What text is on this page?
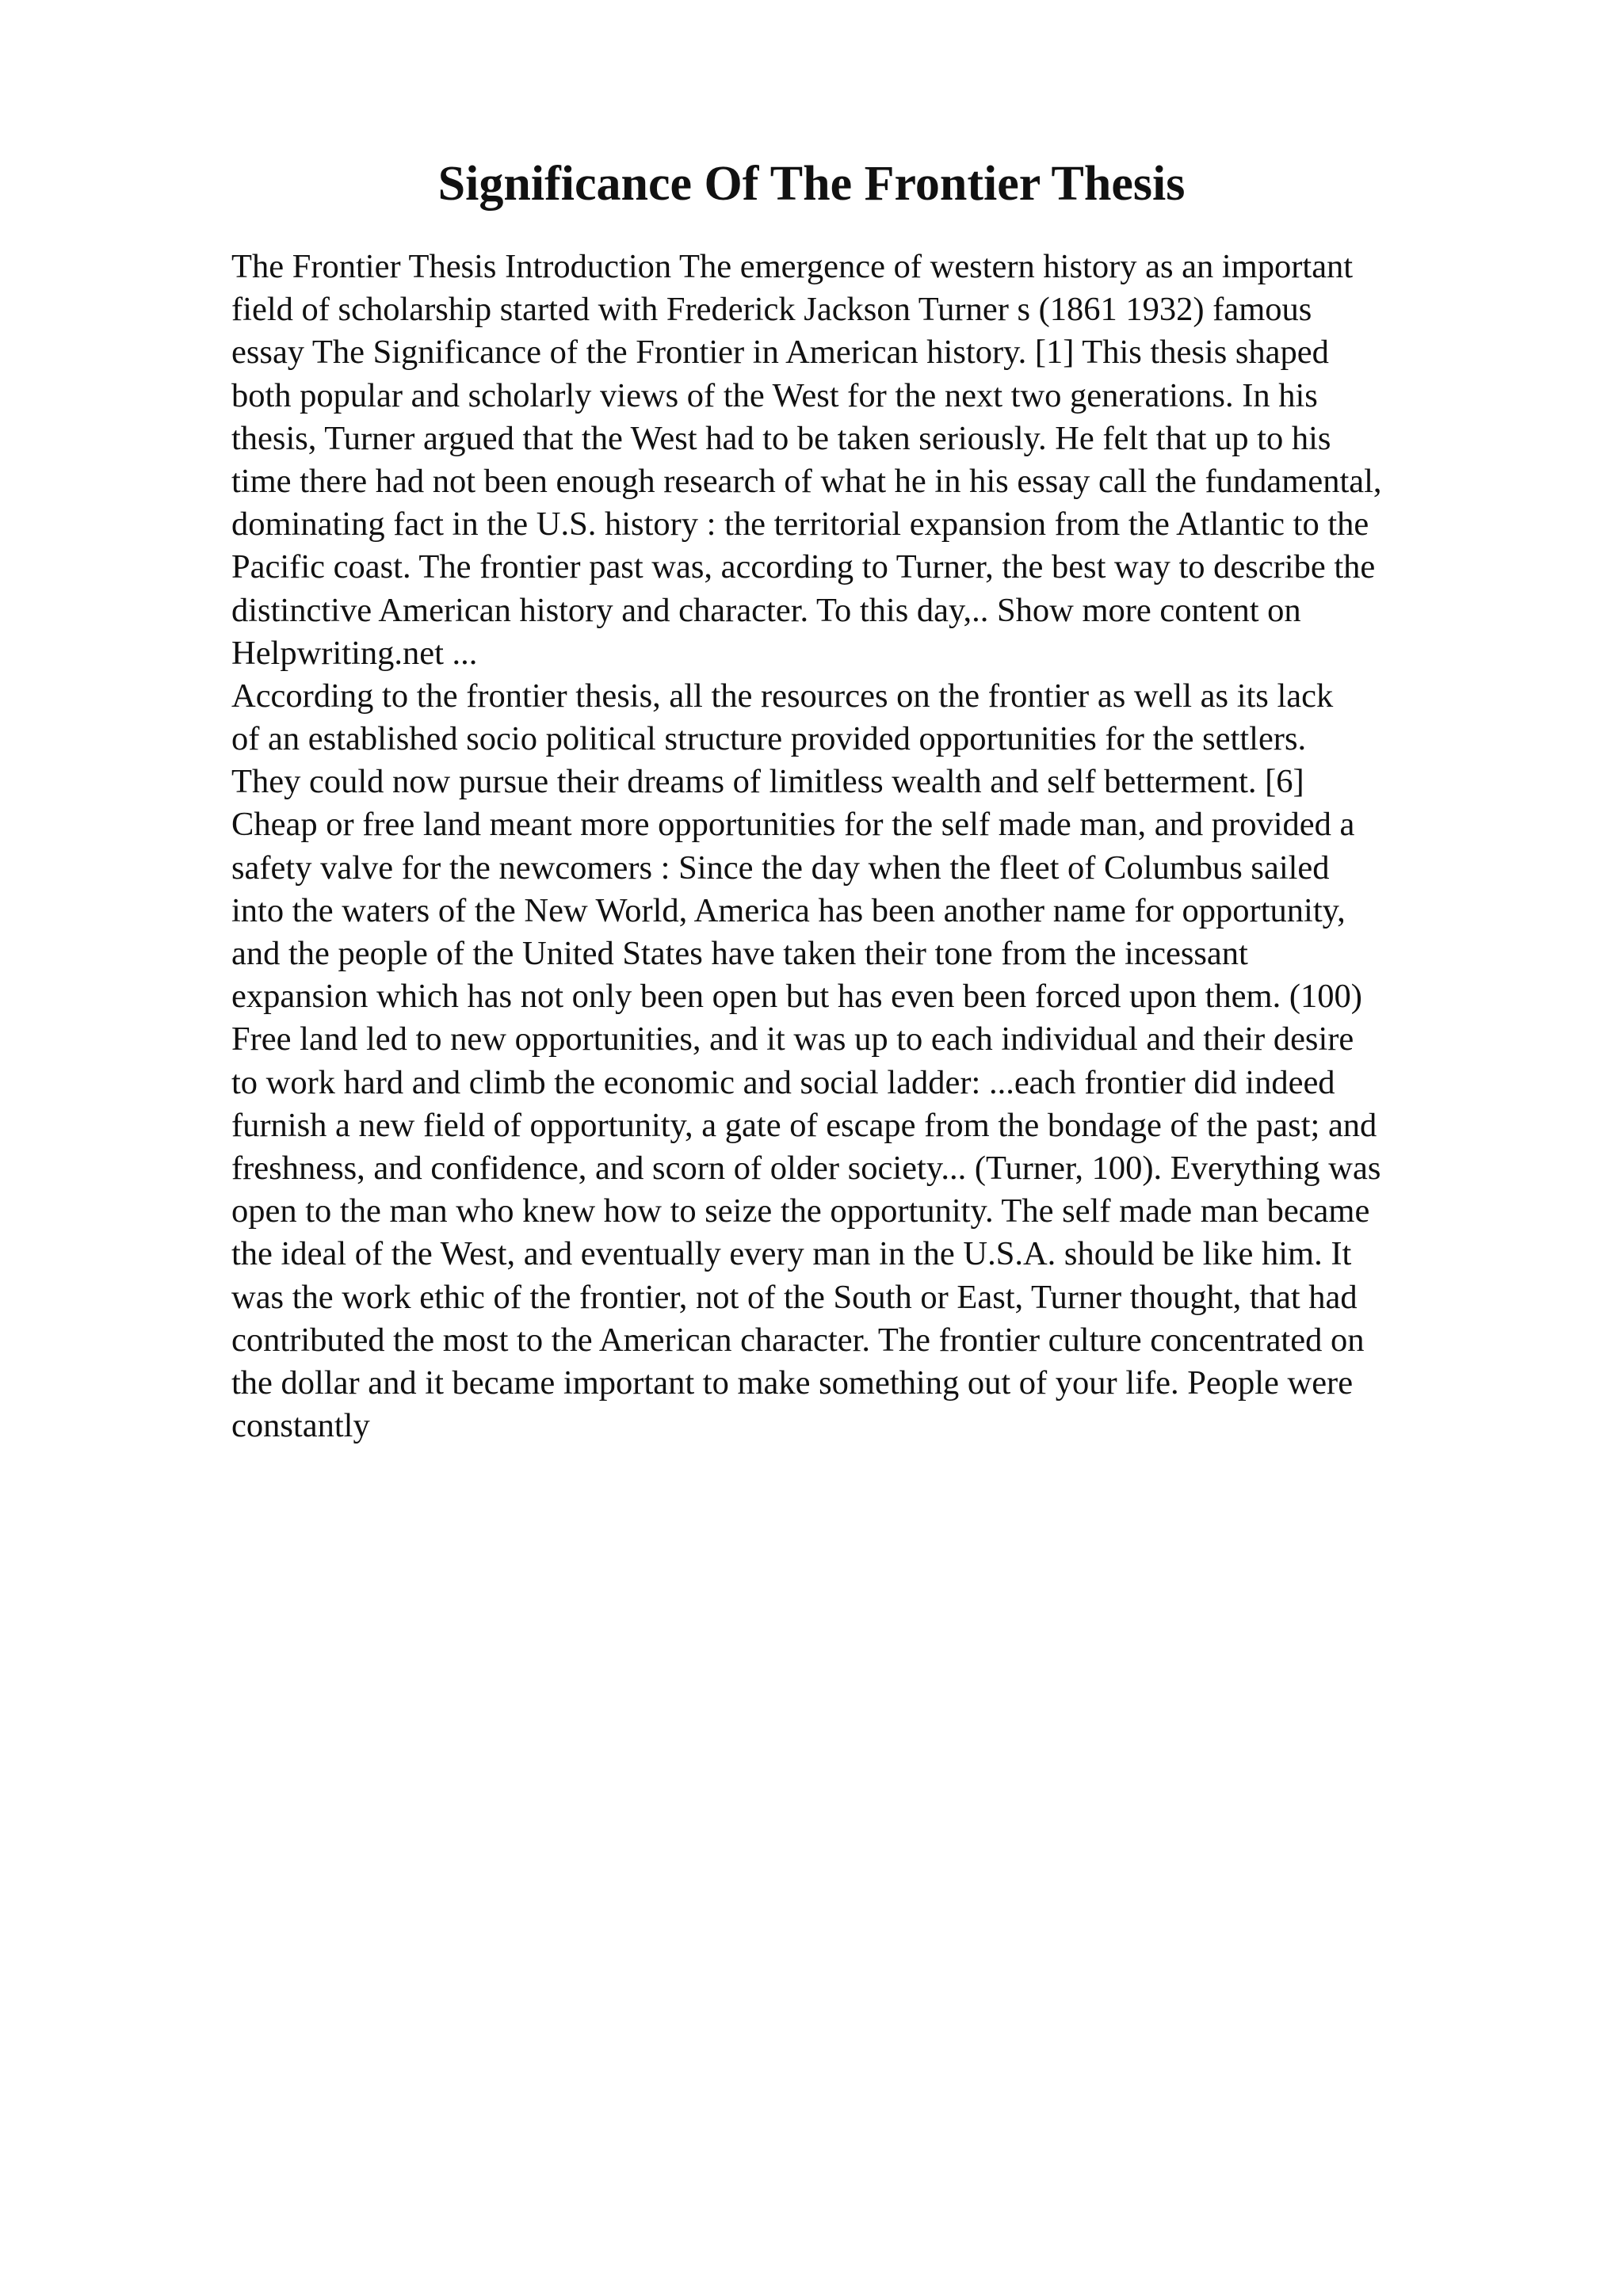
Significance Of The Frontier Thesis
The Frontier Thesis Introduction The emergence of western history as an important
field of scholarship started with Frederick Jackson Turner s (1861 1932) famous
essay The Significance of the Frontier in American history. [1] This thesis shaped
both popular and scholarly views of the West for the next two generations. In his
thesis, Turner argued that the West had to be taken seriously. He felt that up to his
time there had not been enough research of what he in his essay call the fundamental,
dominating fact in the U.S. history : the territorial expansion from the Atlantic to the
Pacific coast. The frontier past was, according to Turner, the best way to describe the
distinctive American history and character. To this day,.. Show more content on
Helpwriting.net ...
According to the frontier thesis, all the resources on the frontier as well as its lack
of an established socio political structure provided opportunities for the settlers.
They could now pursue their dreams of limitless wealth and self betterment. [6]
Cheap or free land meant more opportunities for the self made man, and provided a
safety valve for the newcomers : Since the day when the fleet of Columbus sailed
into the waters of the New World, America has been another name for opportunity,
and the people of the United States have taken their tone from the incessant
expansion which has not only been open but has even been forced upon them. (100)
Free land led to new opportunities, and it was up to each individual and their desire
to work hard and climb the economic and social ladder: ...each frontier did indeed
furnish a new field of opportunity, a gate of escape from the bondage of the past; and
freshness, and confidence, and scorn of older society... (Turner, 100). Everything was
open to the man who knew how to seize the opportunity. The self made man became
the ideal of the West, and eventually every man in the U.S.A. should be like him. It
was the work ethic of the frontier, not of the South or East, Turner thought, that had
contributed the most to the American character. The frontier culture concentrated on
the dollar and it became important to make something out of your life. People were
constantly
